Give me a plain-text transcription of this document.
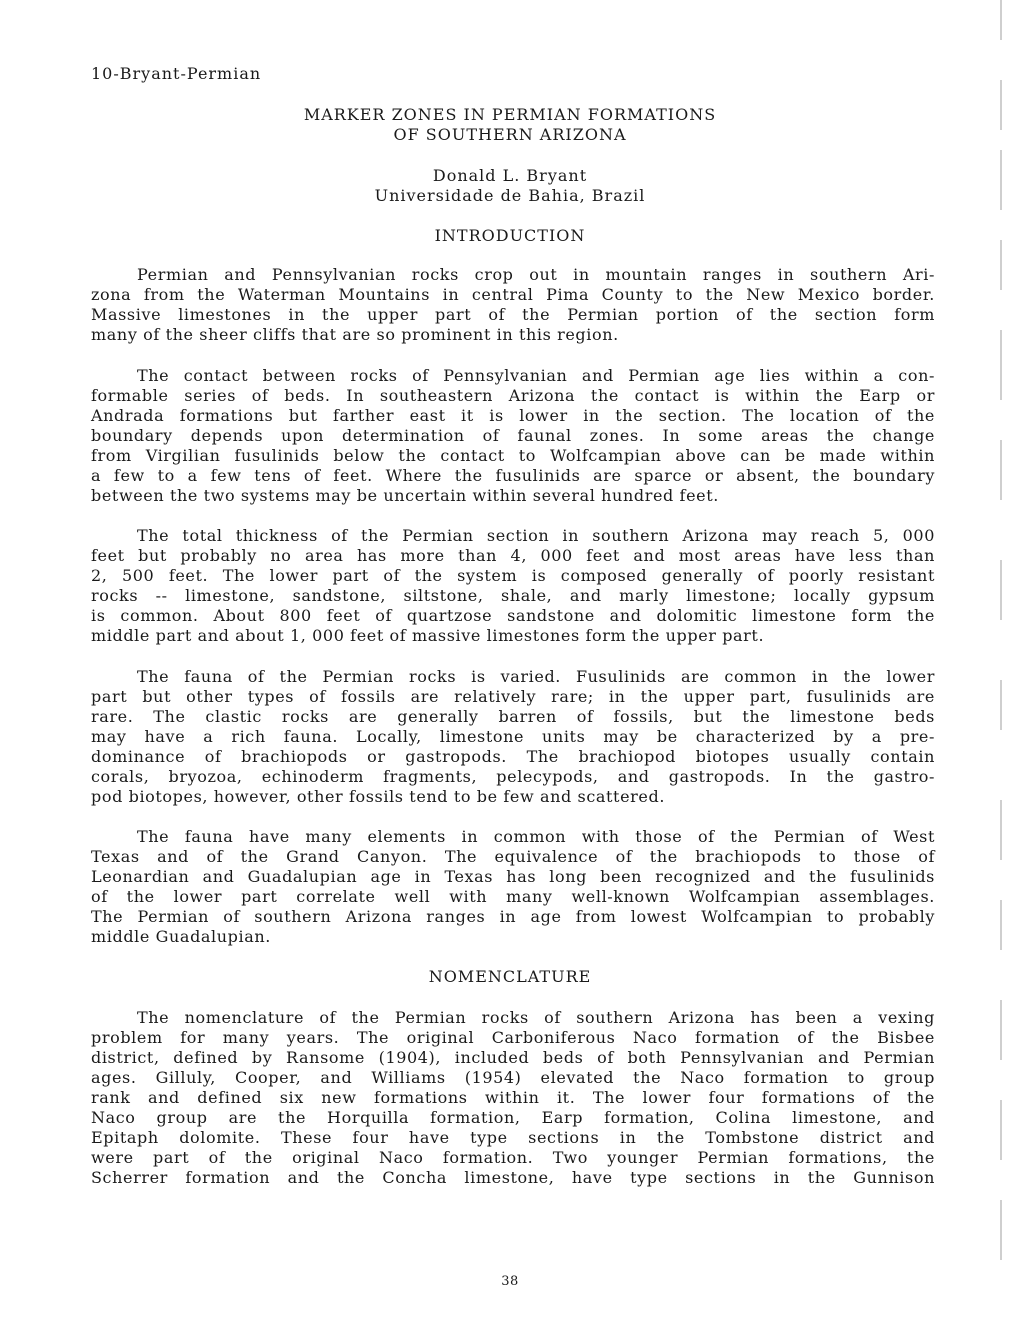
10-Bryant-Permian
MARKER ZONES IN PERMIAN FORMATIONS
OF SOUTHERN ARIZONA
Donald L. Bryant
Universidade de Bahia, Brazil
INTRODUCTION
Permian and Pennsylvanian rocks crop out in mountain ranges in southern Ari-
zona from the Waterman Mountains in central Pima County to the New Mexico border.
Massive limestones in the upper part of the Permian portion of the section form
many of the sheer cliffs that are so prominent in this region.
The contact between rocks of Pennsylvanian and Permian age lies within a con-
formable series of beds. In southeastern Arizona the contact is within the Earp or
Andrada formations but farther east it is lower in the section. The location of the
boundary depends upon determination of faunal zones. In some areas the change
from Virgilian fusulinids below the contact to Wolfcampian above can be made within
a few to a few tens of feet. Where the fusulinids are sparce or absent, the boundary
between the two systems may be uncertain within several hundred feet.
The total thickness of the Permian section in southern Arizona may reach 5, 000
feet but probably no area has more than 4, 000 feet and most areas have less than
2, 500 feet. The lower part of the system is composed generally of poorly resistant
rocks -- limestone, sandstone, siltstone, shale, and marly limestone; locally gypsum
is common. About 800 feet of quartzose sandstone and dolomitic limestone form the
middle part and about 1, 000 feet of massive limestones form the upper part.
The fauna of the Permian rocks is varied. Fusulinids are common in the lower
part but other types of fossils are relatively rare; in the upper part, fusulinids are
rare. The clastic rocks are generally barren of fossils, but the limestone beds
may have a rich fauna. Locally, limestone units may be characterized by a pre-
dominance of brachiopods or gastropods. The brachiopod biotopes usually contain
corals, bryozoa, echinoderm fragments, pelecypods, and gastropods. In the gastro-
pod biotopes, however, other fossils tend to be few and scattered.
The fauna have many elements in common with those of the Permian of West
Texas and of the Grand Canyon. The equivalence of the brachiopods to those of
Leonardian and Guadalupian age in Texas has long been recognized and the fusulinids
of the lower part correlate well with many well-known Wolfcampian assemblages.
The Permian of southern Arizona ranges in age from lowest Wolfcampian to probably
middle Guadalupian.
NOMENCLATURE
The nomenclature of the Permian rocks of southern Arizona has been a vexing
problem for many years. The original Carboniferous Naco formation of the Bisbee
district, defined by Ransome (1904), included beds of both Pennsylvanian and Permian
ages. Gilluly, Cooper, and Williams (1954) elevated the Naco formation to group
rank and defined six new formations within it. The lower four formations of the
Naco group are the Horquilla formation, Earp formation, Colina limestone, and
Epitaph dolomite. These four have type sections in the Tombstone district and
were part of the original Naco formation. Two younger Permian formations, the
Scherrer formation and the Concha limestone, have type sections in the Gunnison
38
